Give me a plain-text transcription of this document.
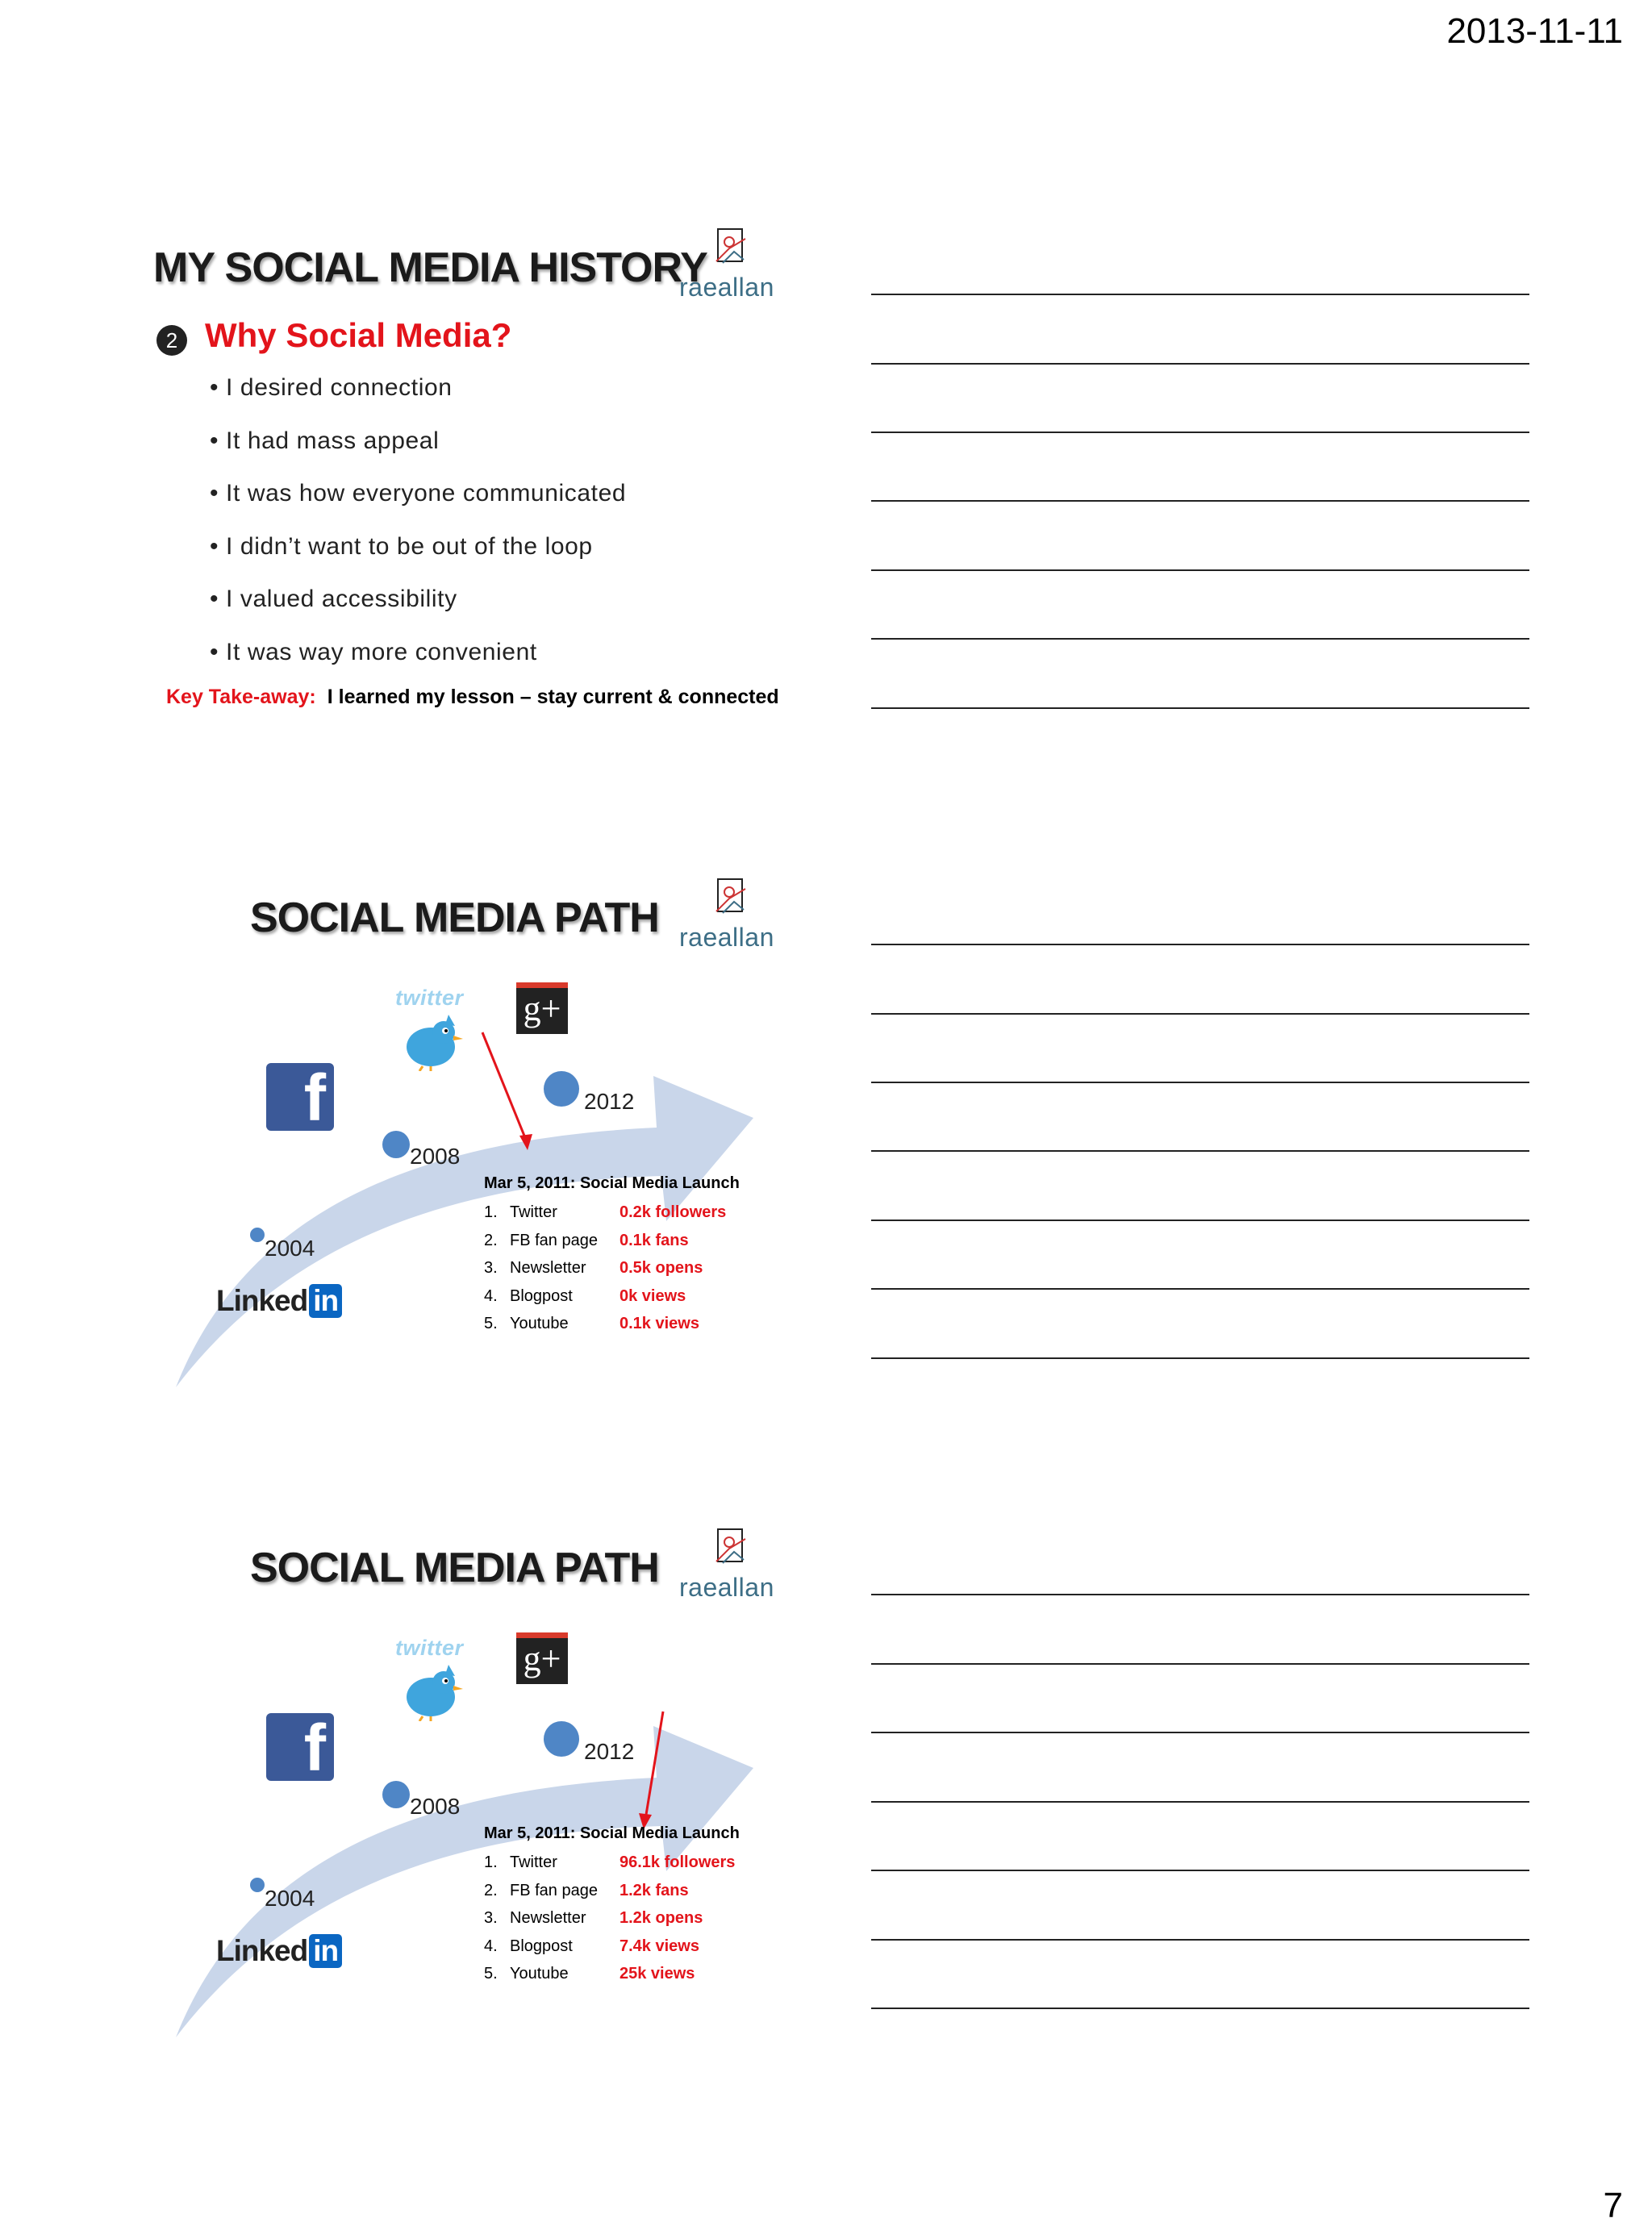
2013-11-11
MY SOCIAL MEDIA HISTORY
raeallan
2 Why Social Media?
• I desired connection
• It had mass appeal
• It was how everyone communicated
• I didn’t want to be out of the loop
• I valued accessibility
• It was way more convenient
Key Take-away: I learned my lesson – stay current & connected
SOCIAL MEDIA PATH raeallan
twitter g+
f	2012
2008
2004
Linked in
Mar 5, 2011: Social Media Launch
1. Twitter	0.2k followers
2. FB fan page 0.1k fans
3. Newsletter 0.5k opens
4. Blogpost	0k views
5. Youtube	0.1k views
SOCIAL MEDIA PATH raeallan
twitter g+
f	2012
2008
2004
Linked in
Mar 5, 2011: Social Media Launch
1. Twitter	96.1k followers
2. FB fan page 1.2k fans
3. Newsletter 1.2k opens
4. Blogpost	7.4k views
5. Youtube	25k views
7
